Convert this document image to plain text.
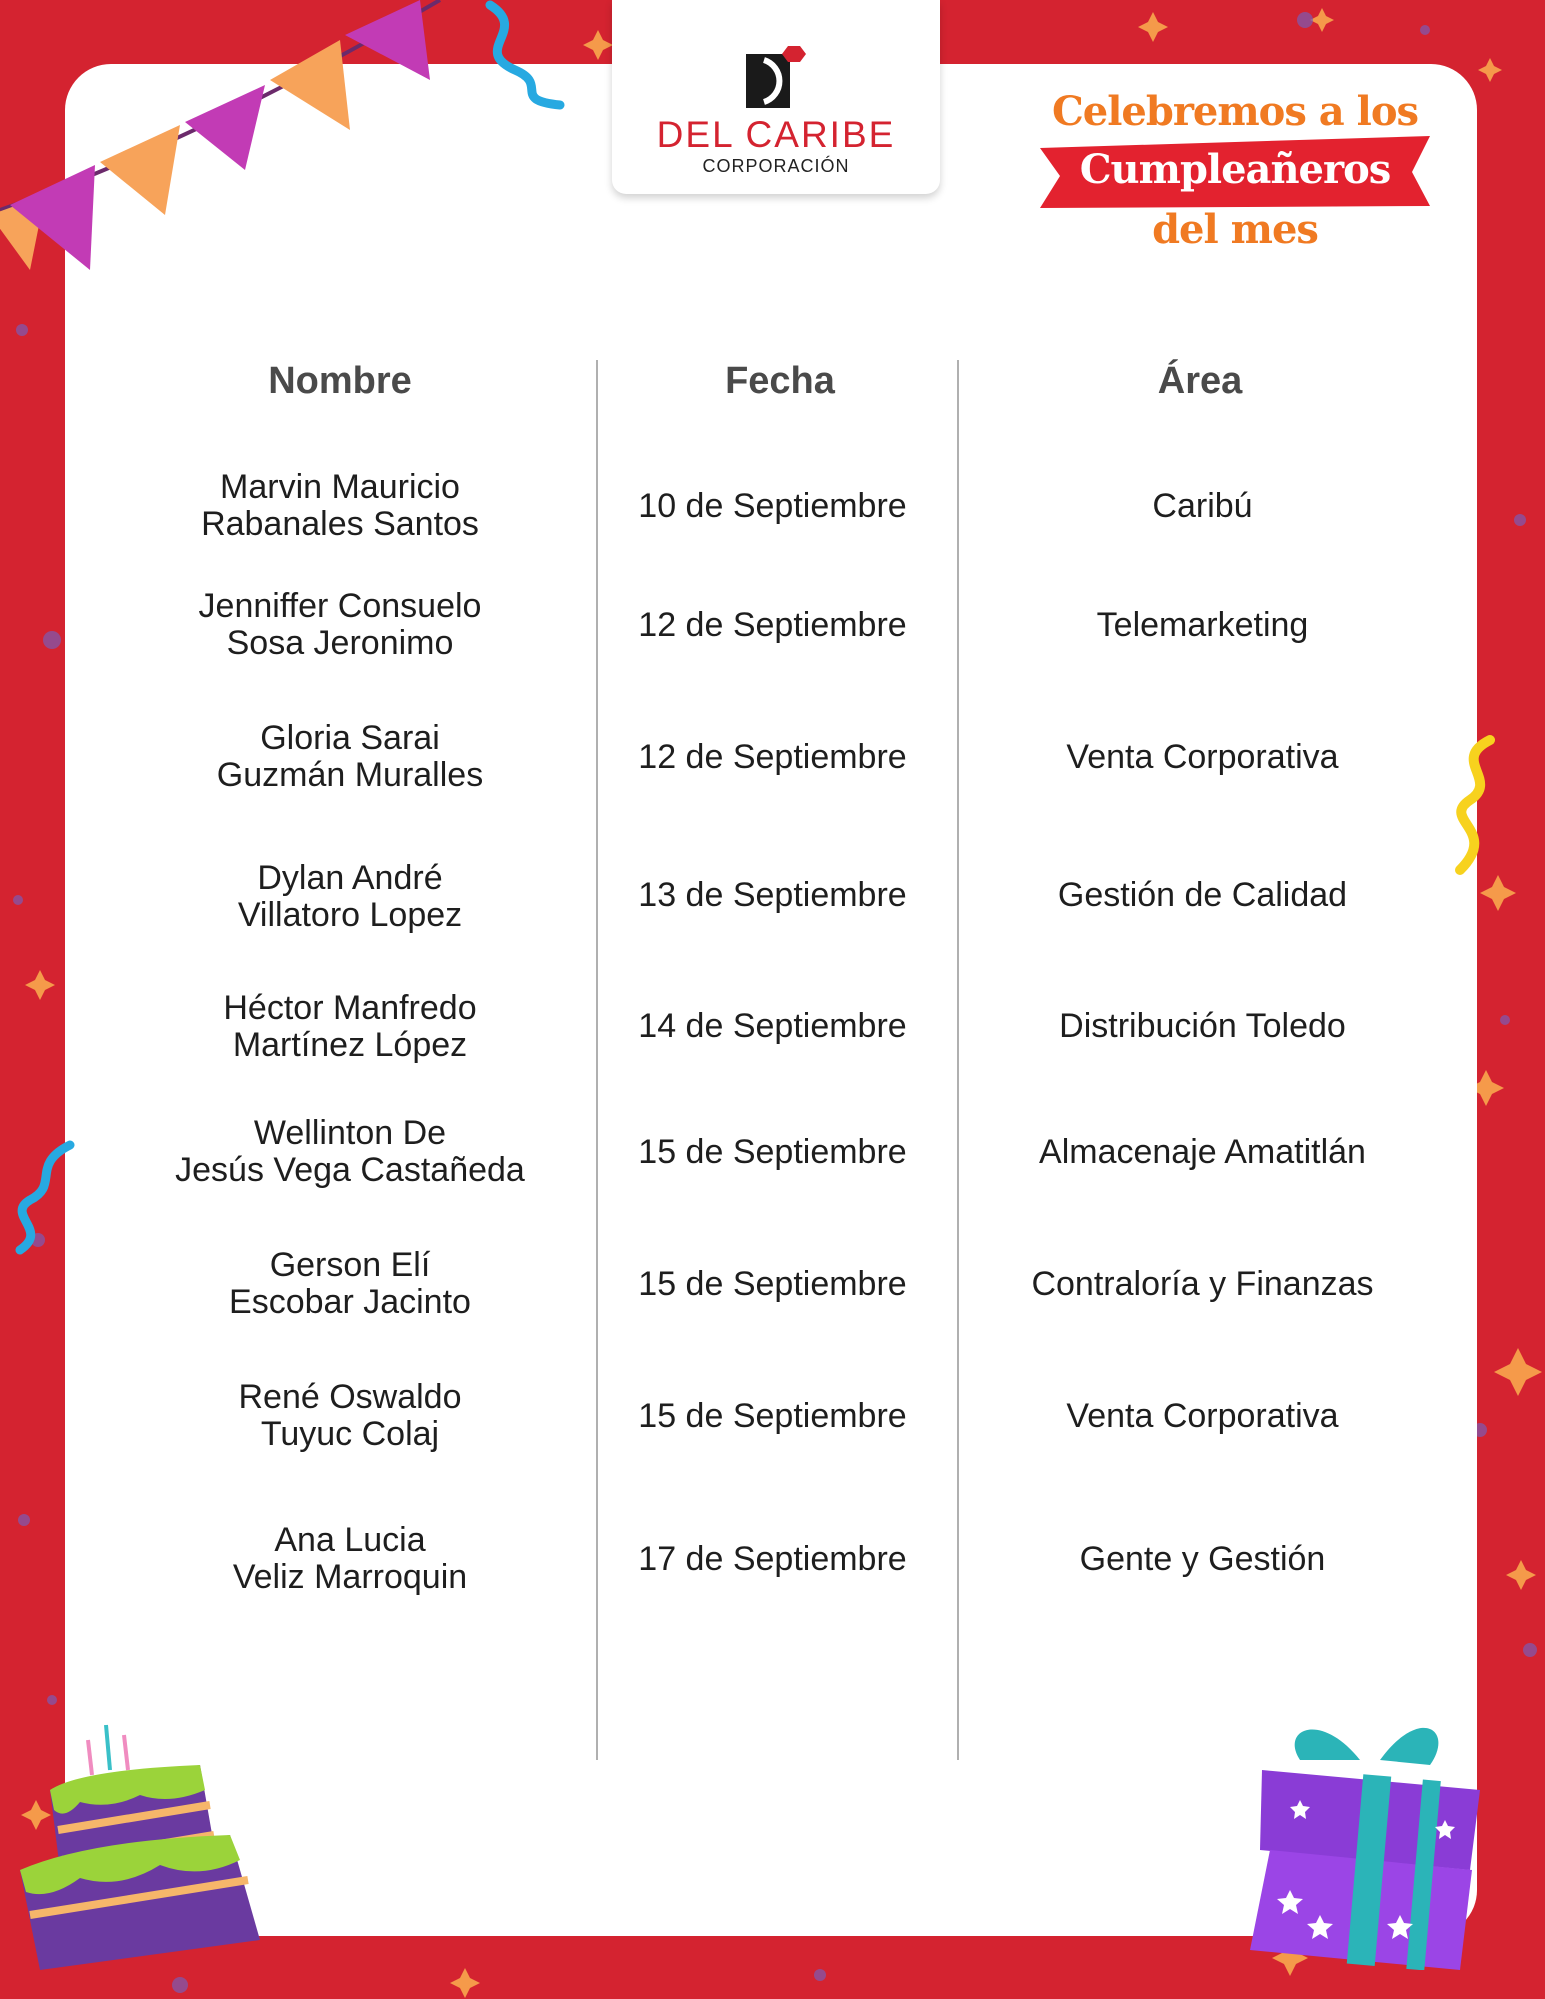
DEL CARIBE
CORPORACIÓN
Celebremos a los
Cumpleañeros
del mes
Nombre	Fecha	Área
Marvin Mauricio
Rabanales Santos	10 de Septiembre	Caribú
Jenniffer Consuelo
Sosa Jeronimo	12 de Septiembre	Telemarketing
Gloria Sarai
Guzmán Muralles	12 de Septiembre	Venta Corporativa
Dylan André
Villatoro Lopez
13 de Septiembre	Gestión de Calidad
Héctor Manfredo
Martínez López	14 de Septiembre	Distribución Toledo
Wellinton De
Jesús Vega Castañeda	15 de Septiembre	Almacenaje Amatitlán
Gerson Elí
Escobar Jacinto	15 de Septiembre	Contraloría y Finanzas
René Oswaldo
Tuyuc Colaj	15 de Septiembre	Venta Corporativa
Ana Lucia
Veliz Marroquin	17 de Septiembre	Gente y Gestión
